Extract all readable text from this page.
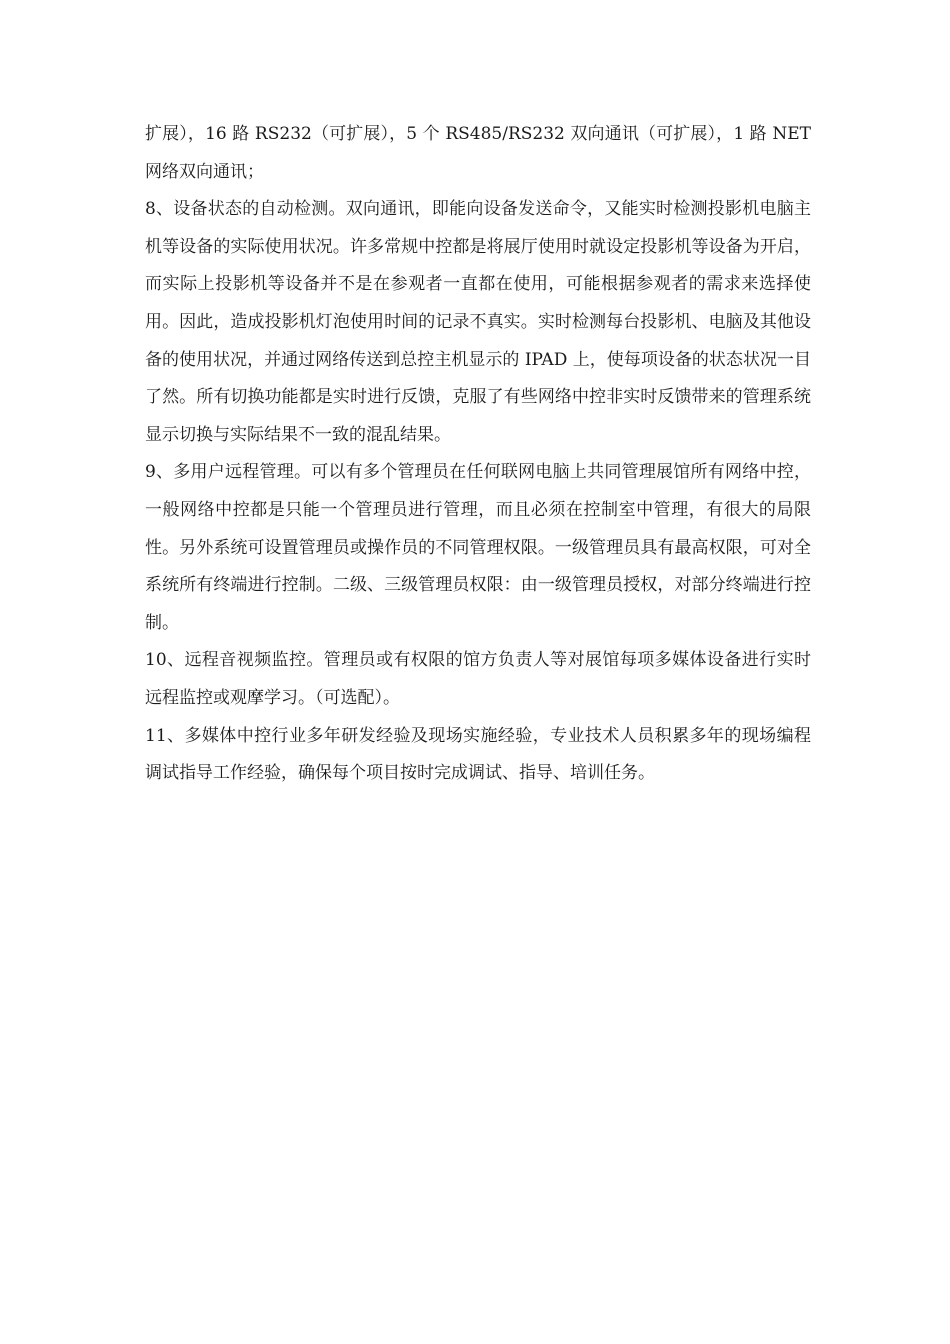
扩展），16 路 RS232（可扩展），5 个 RS485/RS232 双向通讯（可扩展），1 路 NET 网络双向通讯；

8、设备状态的自动检测。双向通讯，即能向设备发送命令，又能实时检测投影机电脑主机等设备的实际使用状况。许多常规中控都是将展厅使用时就设定投影机等设备为开启，而实际上投影机等设备并不是在参观者一直都在使用，可能根据参观者的需求来选择使用。因此，造成投影机灯泡使用时间的记录不真实。实时检测每台投影机、电脑及其他设备的使用状况，并通过网络传送到总控主机显示的 IPAD 上，使每项设备的状态状况一目了然。所有切换功能都是实时进行反馈，克服了有些网络中控非实时反馈带来的管理系统显示切换与实际结果不一致的混乱结果。

9、多用户远程管理。可以有多个管理员在任何联网电脑上共同管理展馆所有网络中控，一般网络中控都是只能一个管理员进行管理，而且必须在控制室中管理，有很大的局限性。另外系统可设置管理员或操作员的不同管理权限。一级管理员具有最高权限，可对全系统所有终端进行控制。二级、三级管理员权限：由一级管理员授权，对部分终端进行控制。

10、远程音视频监控。管理员或有权限的馆方负责人等对展馆每项多媒体设备进行实时远程监控或观摩学习。（可选配）。

11、多媒体中控行业多年研发经验及现场实施经验，专业技术人员积累多年的现场编程调试指导工作经验，确保每个项目按时完成调试、指导、培训任务。
